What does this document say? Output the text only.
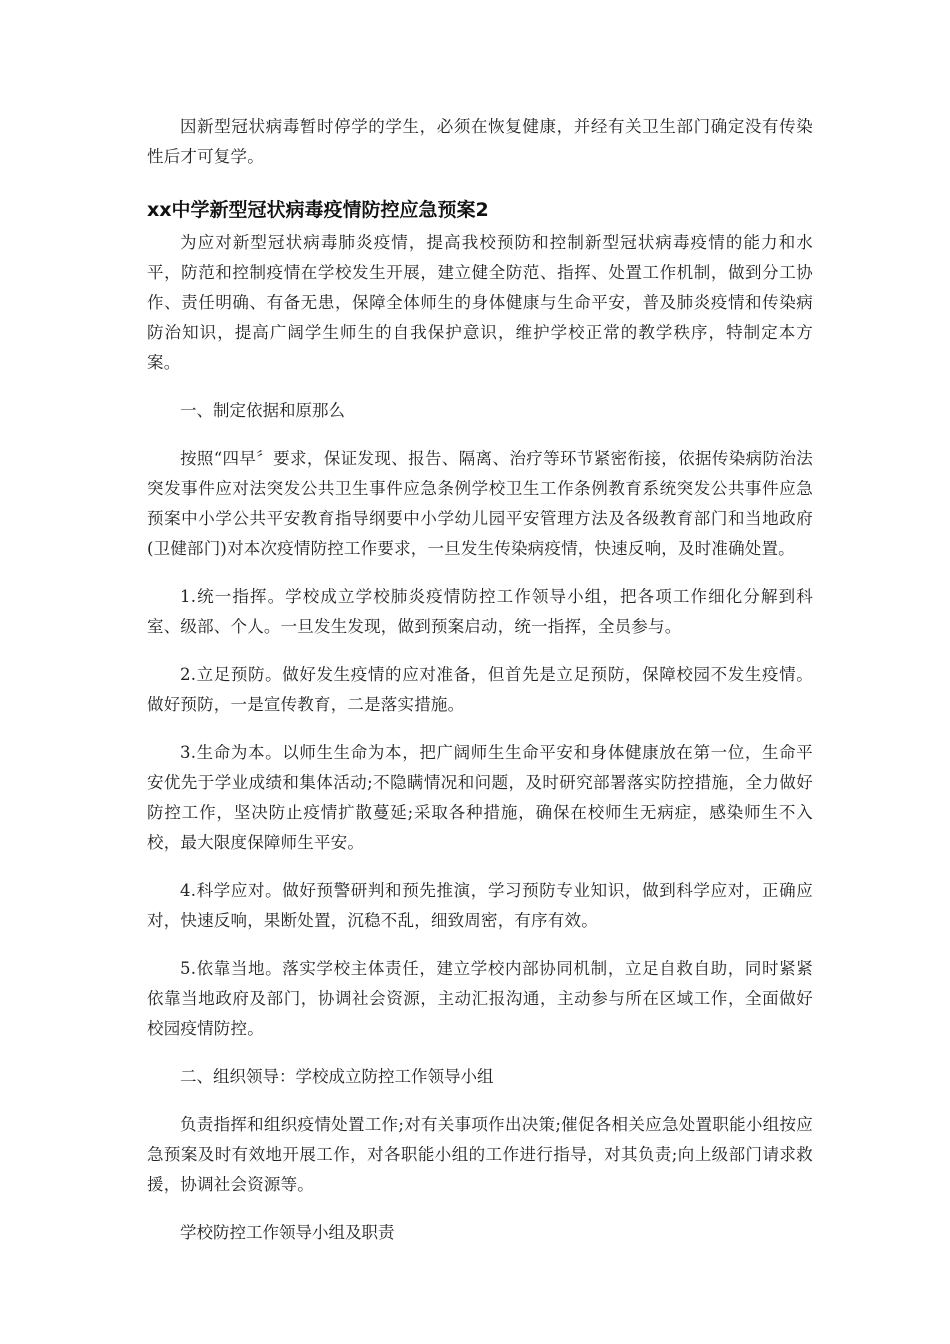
因新型冠状病毒暂时停学的学生，必须在恢复健康，并经有关卫生部门确定没有传染性后才可复学。

xx中学新型冠状病毒疫情防控应急预案2

为应对新型冠状病毒肺炎疫情，提高我校预防和控制新型冠状病毒疫情的能力和水平，防范和控制疫情在学校发生开展，建立健全防范、指挥、处置工作机制，做到分工协作、责任明确、有备无患，保障全体师生的身体健康与生命平安，普及肺炎疫情和传染病防治知识，提高广阔学生师生的自我保护意识，维护学校正常的教学秩序，特制定本方案。

一、制定依据和原那么

按照“四早〞要求，保证发现、报告、隔离、治疗等环节紧密衔接，依据传染病防治法突发事件应对法突发公共卫生事件应急条例学校卫生工作条例教育系统突发公共事件应急预案中小学公共平安教育指导纲要中小学幼儿园平安管理方法及各级教育部门和当地政府(卫健部门)对本次疫情防控工作要求，一旦发生传染病疫情，快速反响，及时准确处置。

1.统一指挥。学校成立学校肺炎疫情防控工作领导小组，把各项工作细化分解到科室、级部、个人。一旦发生发现，做到预案启动，统一指挥，全员参与。

2.立足预防。做好发生疫情的应对准备，但首先是立足预防，保障校园不发生疫情。做好预防，一是宣传教育，二是落实措施。

3.生命为本。以师生生命为本，把广阔师生生命平安和身体健康放在第一位，生命平安优先于学业成绩和集体活动;不隐瞒情况和问题，及时研究部署落实防控措施，全力做好防控工作，坚决防止疫情扩散蔓延;采取各种措施，确保在校师生无病症，感染师生不入校，最大限度保障师生平安。

4.科学应对。做好预警研判和预先推演，学习预防专业知识，做到科学应对，正确应对，快速反响，果断处置，沉稳不乱，细致周密，有序有效。

5.依靠当地。落实学校主体责任，建立学校内部协同机制，立足自救自助，同时紧紧依靠当地政府及部门，协调社会资源，主动汇报沟通，主动参与所在区域工作，全面做好校园疫情防控。

二、组织领导：学校成立防控工作领导小组

负责指挥和组织疫情处置工作;对有关事项作出决策;催促各相关应急处置职能小组按应急预案及时有效地开展工作，对各职能小组的工作进行指导，对其负责;向上级部门请求救援，协调社会资源等。

学校防控工作领导小组及职责
